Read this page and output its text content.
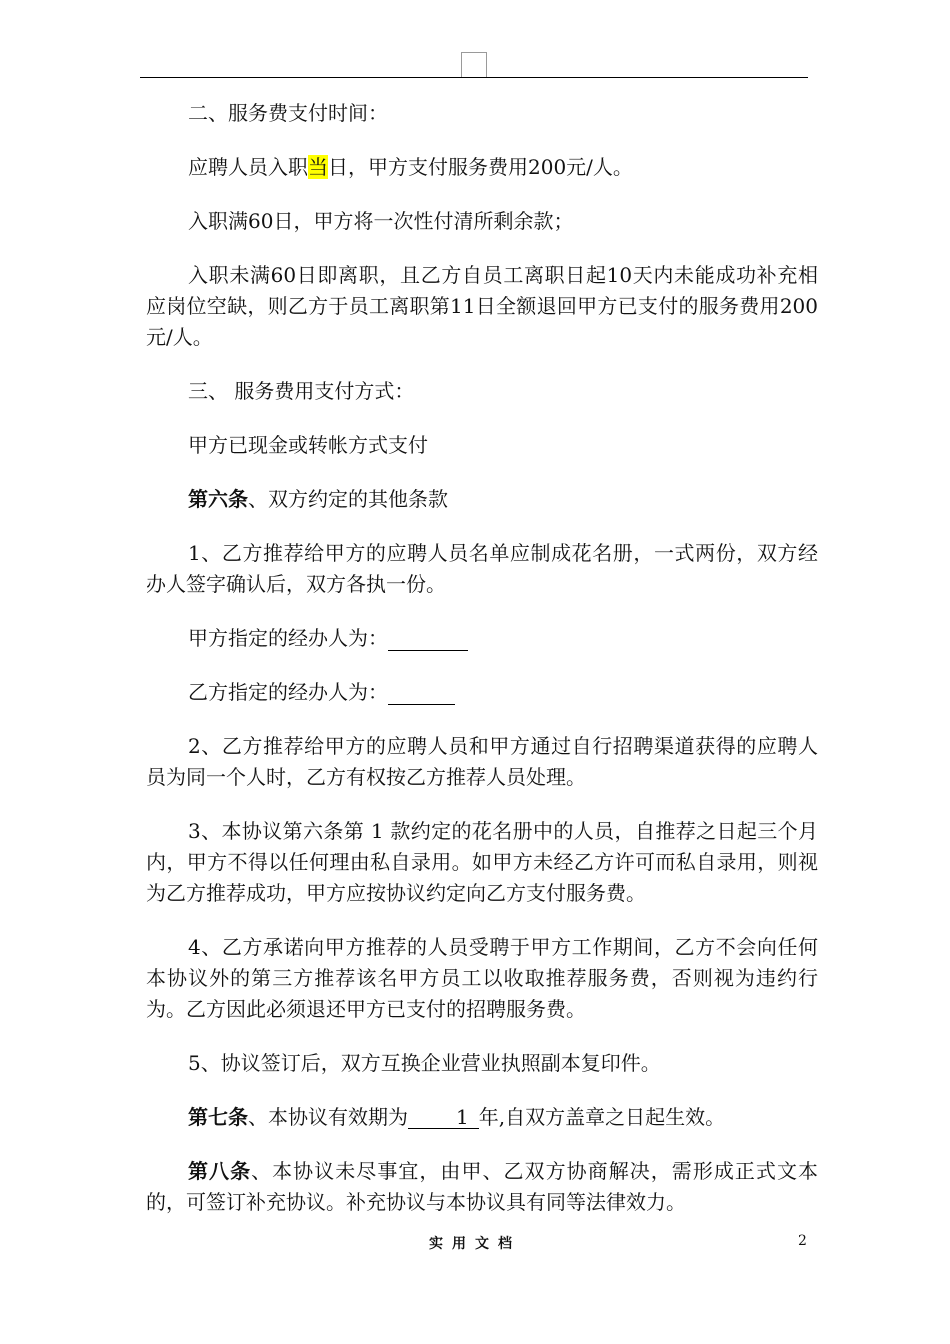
二、服务费支付时间：

应聘人员入职当日，甲方支付服务费用200元/人。

入职满60日，甲方将一次性付清所剩余款；

入职未满60日即离职，且乙方自员工离职日起10天内未能成功补充相应岗位空缺，则乙方于员工离职第11日全额退回甲方已支付的服务费用200元/人。

三、 服务费用支付方式：

甲方已现金或转帐方式支付

第六条、双方约定的其他条款

1、乙方推荐给甲方的应聘人员名单应制成花名册，一式两份，双方经办人签字确认后，双方各执一份。

甲方指定的经办人为：

乙方指定的经办人为：

2、乙方推荐给甲方的应聘人员和甲方通过自行招聘渠道获得的应聘人员为同一个人时，乙方有权按乙方推荐人员处理。

3、本协议第六条第 1 款约定的花名册中的人员，自推荐之日起三个月内，甲方不得以任何理由私自录用。如甲方未经乙方许可而私自录用，则视为乙方推荐成功，甲方应按协议约定向乙方支付服务费。

4、乙方承诺向甲方推荐的人员受聘于甲方工作期间，乙方不会向任何本协议外的第三方推荐该名甲方员工以收取推荐服务费，否则视为违约行为。乙方因此必须退还甲方已支付的招聘服务费。

5、协议签订后，双方互换企业营业执照副本复印件。

第七条、本协议有效期为 1 年,自双方盖章之日起生效。

第八条、本协议未尽事宜，由甲、乙双方协商解决，需形成正式文本的，可签订补充协议。补充协议与本协议具有同等法律效力。

实用文档	2
